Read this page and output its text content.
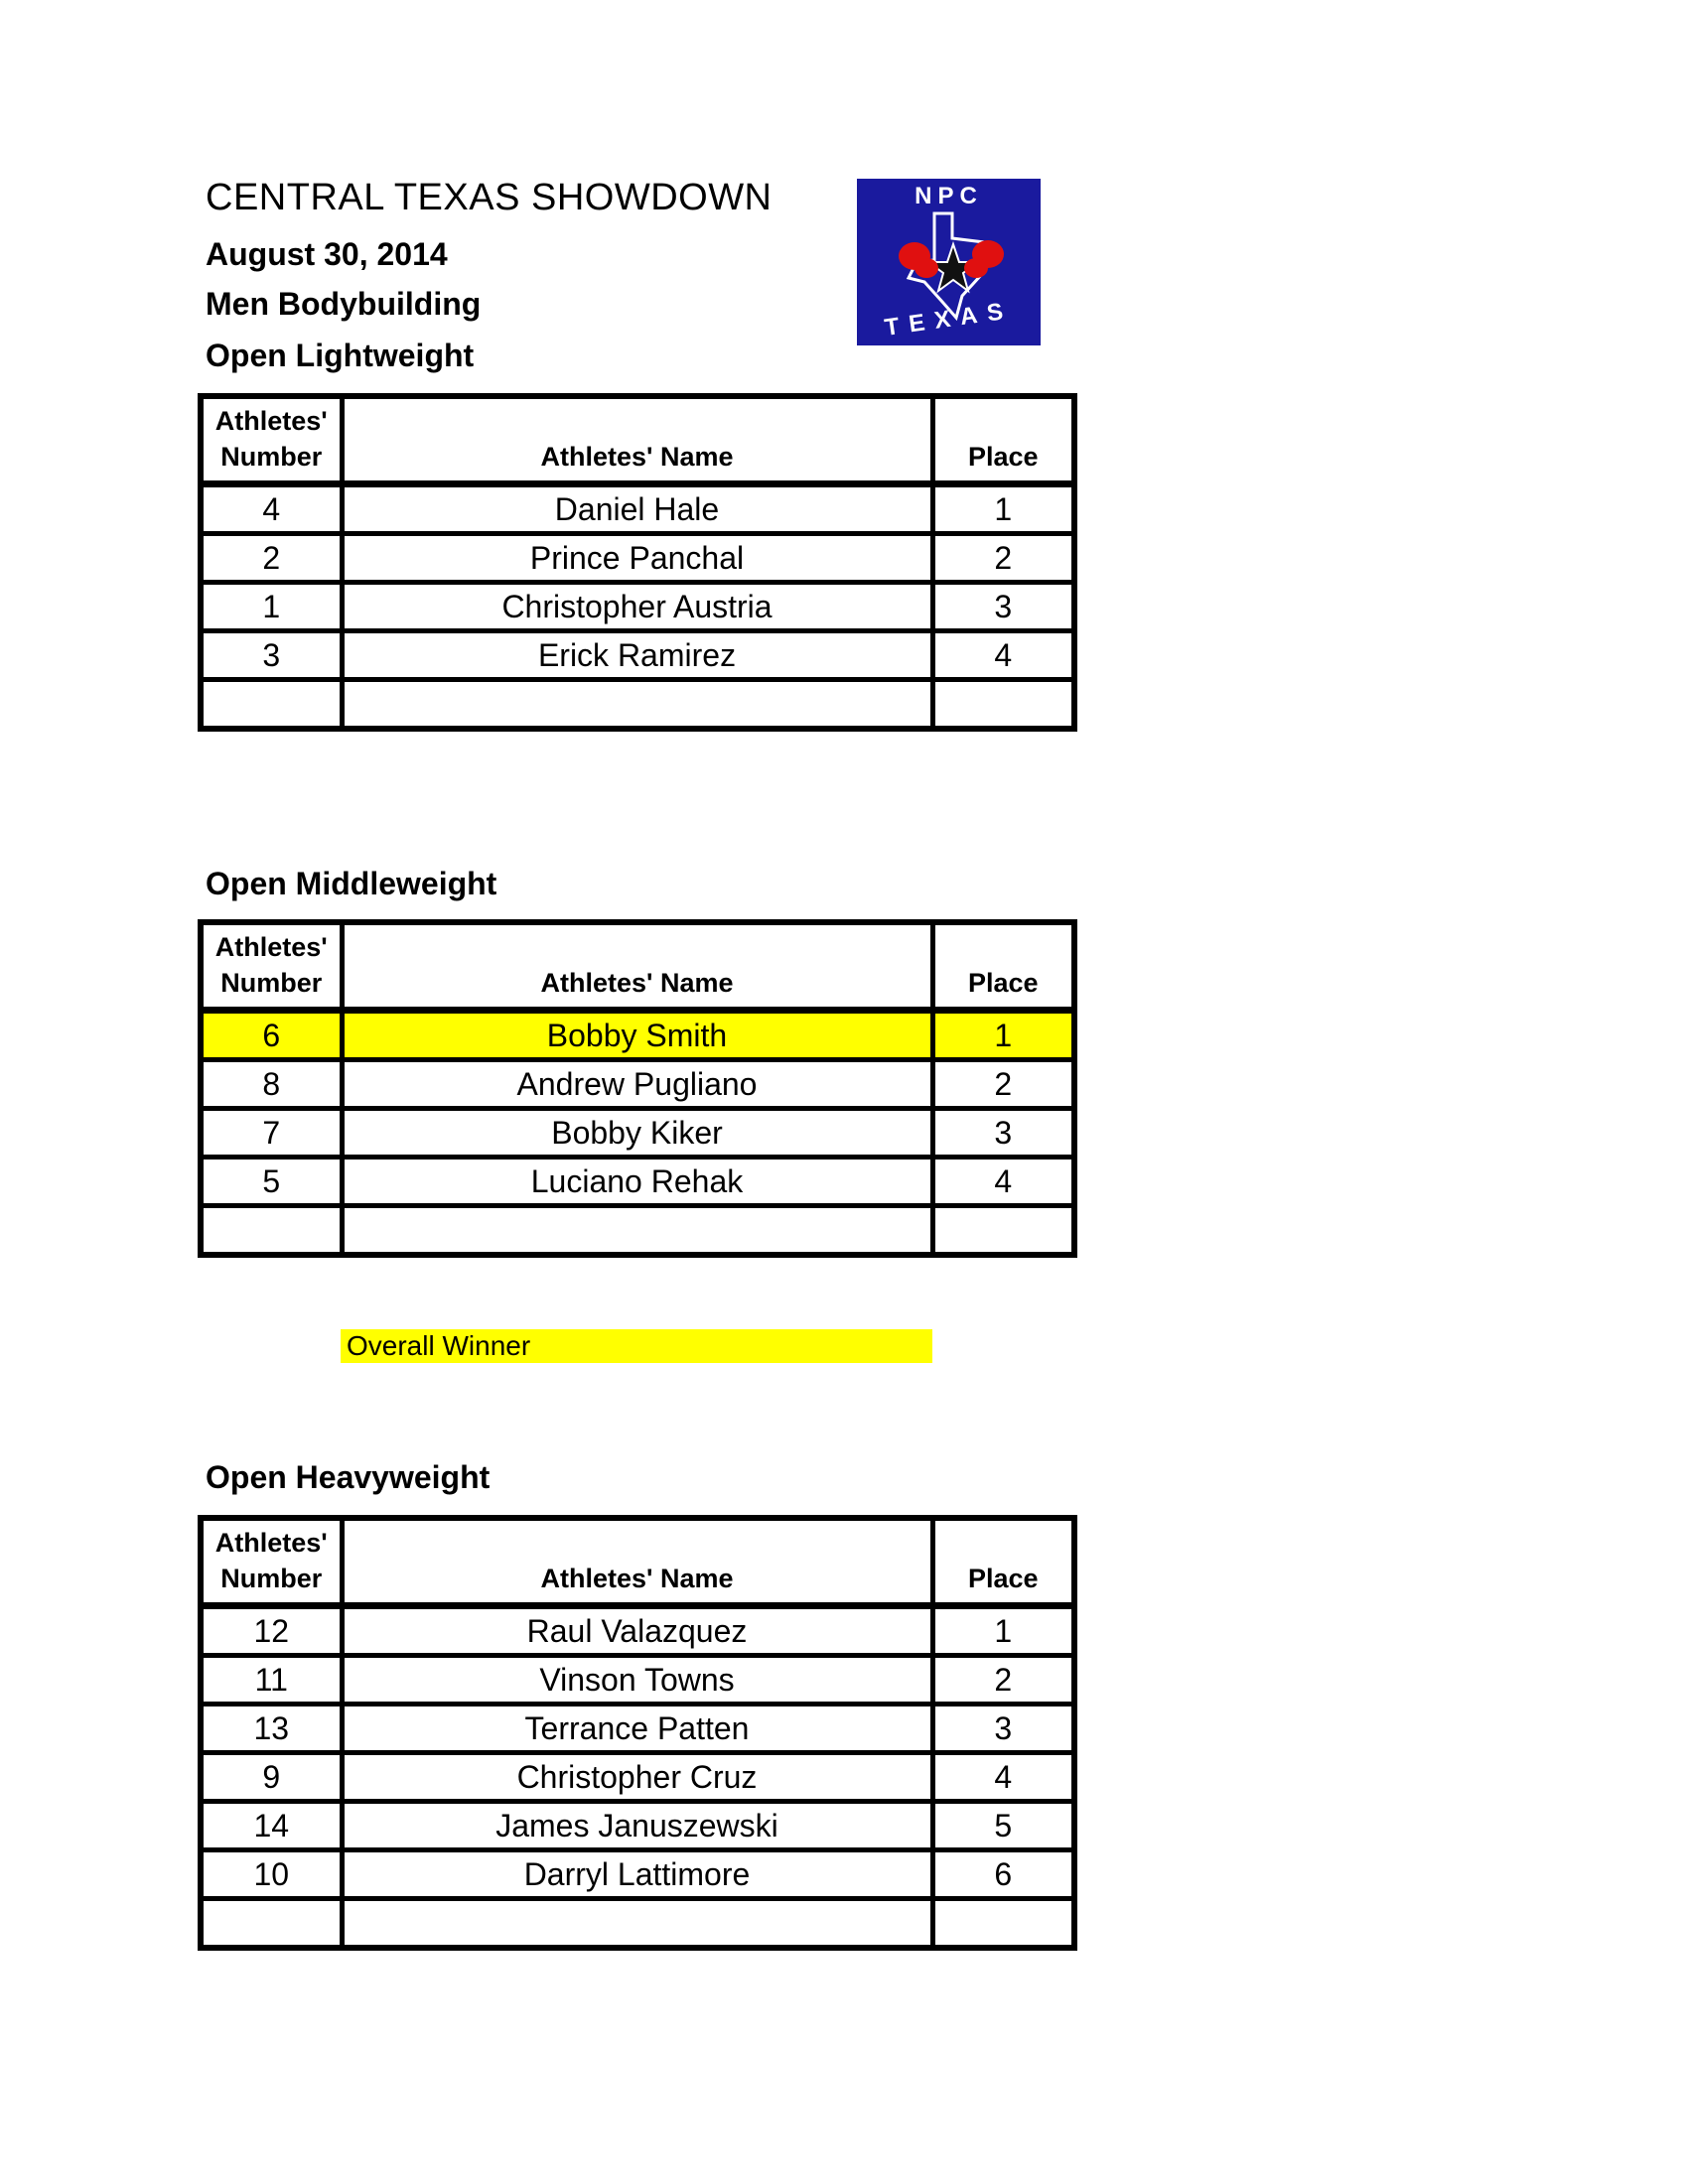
CENTRAL TEXAS SHOWDOWN
August 30, 2014
Men Bodybuilding
NPC
TEXAS
Open Lightweight
Athletes'
Number	Athletes' Name	Place
4	Daniel Hale	1
2	Prince Panchal	2
1	Christopher Austria	3
3	Erick Ramirez	4

Open Middleweight
Athletes'
Number	Athletes' Name	Place
6	Bobby Smith	1
8	Andrew Pugliano	2
7	Bobby Kiker	3
5	Luciano Rehak	4

Overall Winner
Open Heavyweight
Athletes'
Number	Athletes' Name	Place
12	Raul Valazquez	1
11	Vinson Towns	2
13	Terrance Patten	3
9	Christopher Cruz	4
14	James Januszewski	5
10	Darryl Lattimore	6
